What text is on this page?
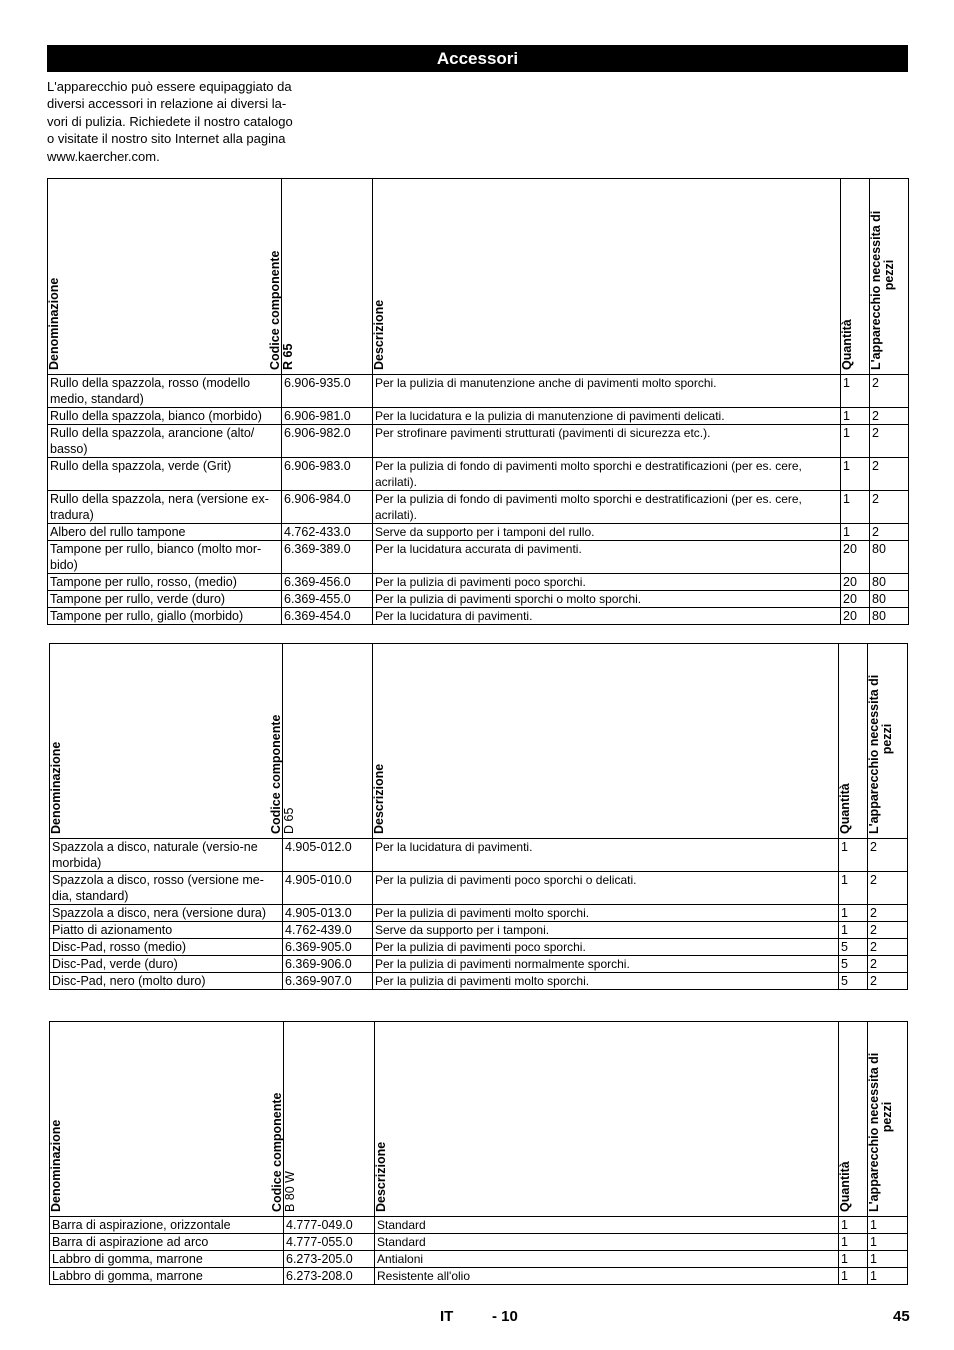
Accessori
L'apparecchio può essere equipaggiato da
diversi accessori in relazione ai diversi la-
vori di pulizia. Richiedete il nostro catalogo
o visitate il nostro sito Internet alla pagina
www.kaercher.com.
Denominazione	Codice componente R 65	Descrizione	Quantità	L'apparecchio necessita di pezzi

Rullo della spazzola, rosso (modello medio, standard)	6.906-935.0	Per la pulizia di manutenzione anche di pavimenti molto sporchi.	1	2
Rullo della spazzola, bianco (morbido)	6.906-981.0	Per la lucidatura e la pulizia di manutenzione di pavimenti delicati.	1	2
Rullo della spazzola, arancione (alto/ basso)	6.906-982.0	Per strofinare pavimenti strutturati (pavimenti di sicurezza etc.).	1	2
Rullo della spazzola, verde (Grit)	6.906-983.0	Per la pulizia di fondo di pavimenti molto sporchi e destratificazioni (per es. cere, acrilati).	1	2
Rullo della spazzola, nera (versione ex-tradura)	6.906-984.0	Per la pulizia di fondo di pavimenti molto sporchi e destratificazioni (per es. cere, acrilati).	1	2
Albero del rullo tampone	4.762-433.0	Serve da supporto per i tamponi del rullo.	1	2
Tampone per rullo, bianco (molto mor-bido)	6.369-389.0	Per la lucidatura accurata di pavimenti.	20	80
Tampone per rullo, rosso, (medio)	6.369-456.0	Per la pulizia di pavimenti poco sporchi.	20	80
Tampone per rullo, verde (duro)	6.369-455.0	Per la pulizia di pavimenti sporchi o molto sporchi.	20	80
Tampone per rullo, giallo (morbido)	6.369-454.0	Per la lucidatura di pavimenti.	20	80
Denominazione	Codice componente D 65	Descrizione	Quantità	L'apparecchio necessita di pezzi

Spazzola a disco, naturale (versio-ne morbida)	4.905-012.0	Per la lucidatura di pavimenti.	1	2
Spazzola a disco, rosso (versione me-dia, standard)	4.905-010.0	Per la pulizia di pavimenti poco sporchi o delicati.	1	2
Spazzola a disco, nera (versione dura)	4.905-013.0	Per la pulizia di pavimenti molto sporchi.	1	2
Piatto di azionamento	4.762-439.0	Serve da supporto per i tamponi.	1	2
Disc-Pad, rosso (medio)	6.369-905.0	Per la pulizia di pavimenti poco sporchi.	5	2
Disc-Pad, verde (duro)	6.369-906.0	Per la pulizia di pavimenti normalmente sporchi.	5	2
Disc-Pad, nero (molto duro)	6.369-907.0	Per la pulizia di pavimenti molto sporchi.	5	2
Denominazione	Codice componente B 80 W	Descrizione	Quantità	L'apparecchio necessita di pezzi

Barra di aspirazione, orizzontale	4.777-049.0	Standard	1	1
Barra di aspirazione ad arco	4.777-055.0	Standard	1	1
Labbro di gomma, marrone	6.273-205.0	Antialoni	1	1
Labbro di gomma, marrone	6.273-208.0	Resistente all'olio	1	1
IT	- 10	45
